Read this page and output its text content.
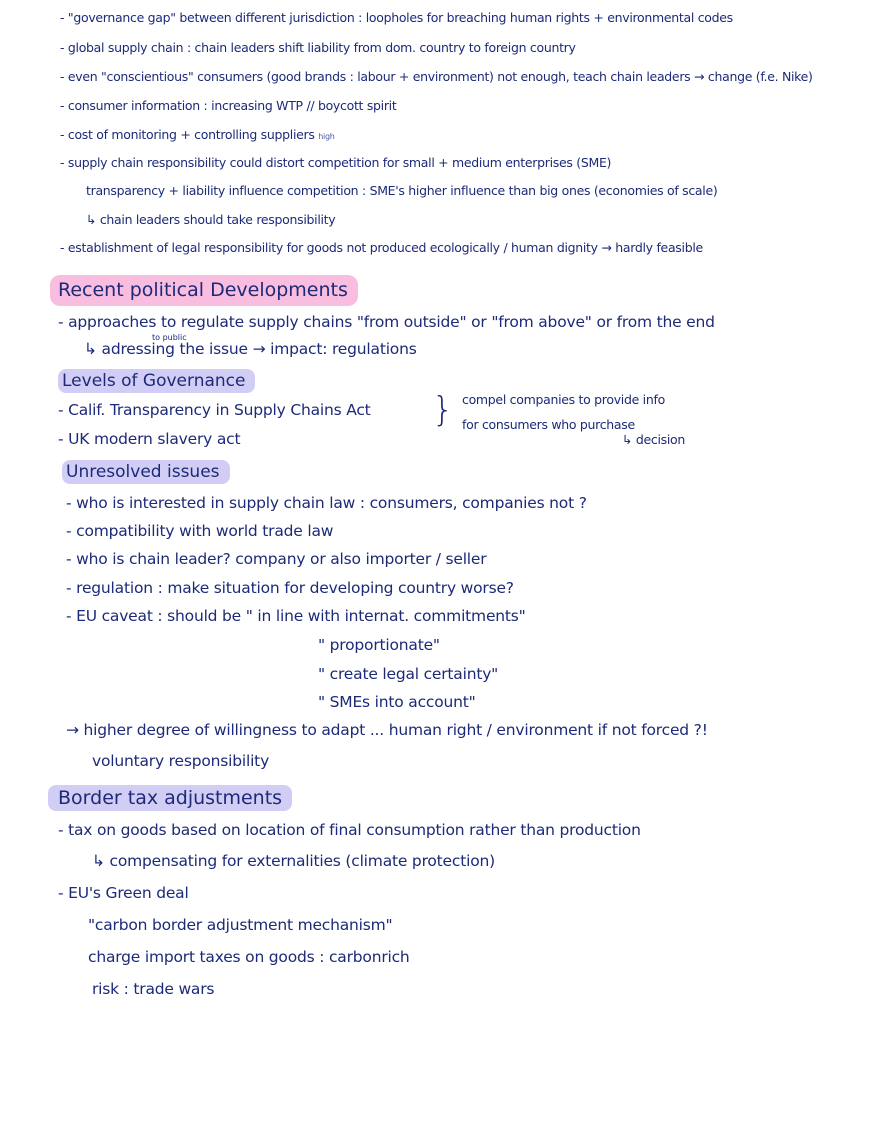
- "governance gap" between different jurisdiction : loopholes for breaching human rights + environmental codes
- global supply chain : chain leaders shift liability from dom. country to foreign country
- even "conscientious" consumers (good brands : labour + environment) not enough, teach chain leaders → change (f.e. Nike)
- consumer information : increasing WTP // boycott spirit
- cost of monitoring + controlling suppliers high
- supply chain responsibility could distort competition for small + medium enterprises (SME)
transparency + liability influence competition : SME's higher influence than big ones (economies of scale)
↳ chain leaders should take responsibility
- establishment of legal responsibility for goods not produced ecologically / human dignity → hardly feasible
Recent political Developments
- approaches to regulate supply chains "from outside" or "from above" or from the end
to public
↳ adressing the issue → impact: regulations
Levels of Governance
- Calif. Transparency in Supply Chains Act
- UK modern slavery act
} compel companies to provide info
for consumers who purchase
↳ decision
Unresolved issues
- who is interested in supply chain law : consumers, companies not ?
- compatibility with world trade law
- who is chain leader? company or also importer / seller
- regulation : make situation for developing country worse?
- EU caveat : should be " in line with internat. commitments"
" proportionate"
" create legal certainty"
" SMEs into account"
→ higher degree of willingness to adapt ... human right / environment if not forced ?!
voluntary responsibility
Border tax adjustments
- tax on goods based on location of final consumption rather than production
↳ compensating for externalities (climate protection)
- EU's Green deal
"carbon border adjustment mechanism"
charge import taxes on goods : carbonrich
risk : trade wars
